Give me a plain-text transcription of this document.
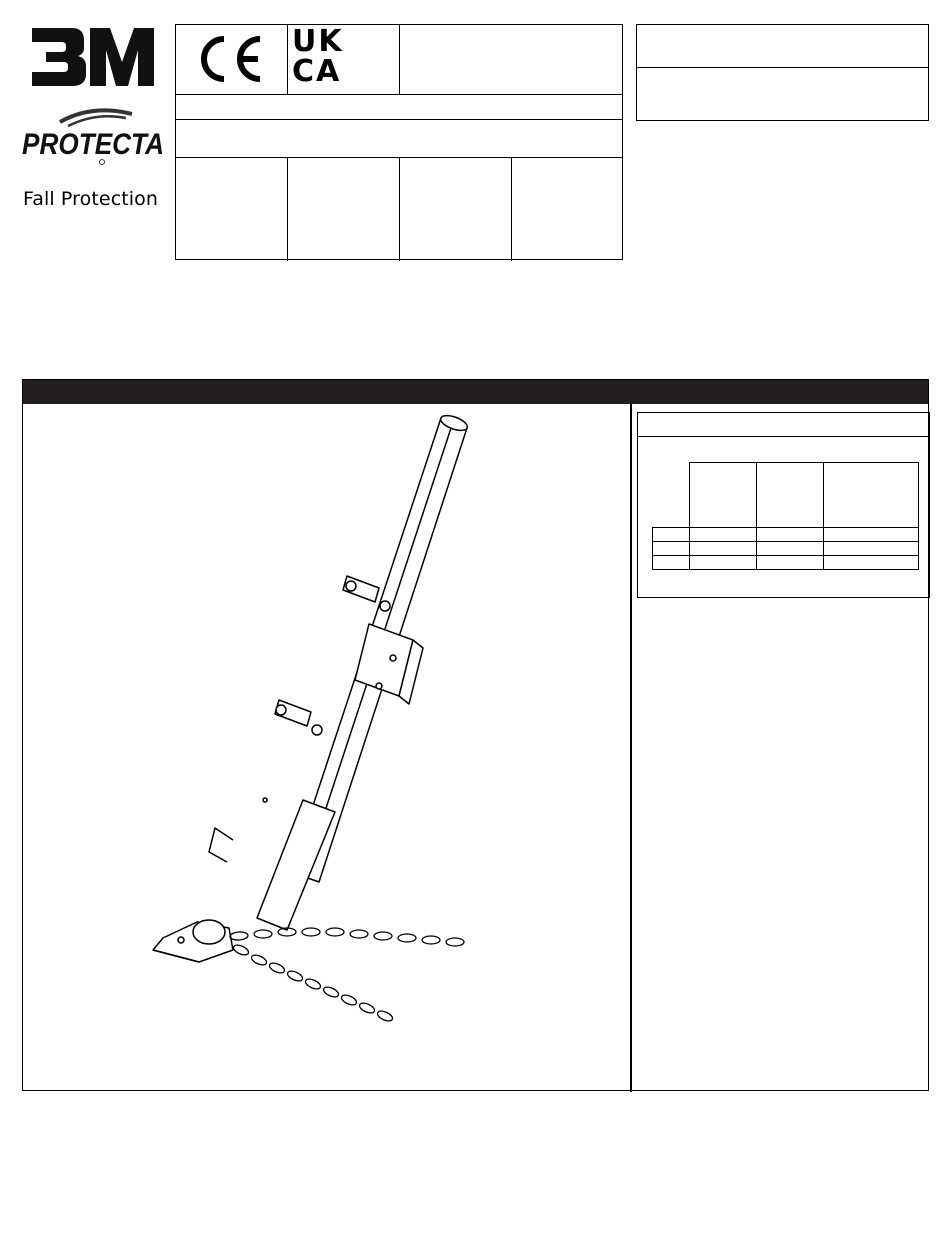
PROTECTA
Fall Protection
UK
CA
